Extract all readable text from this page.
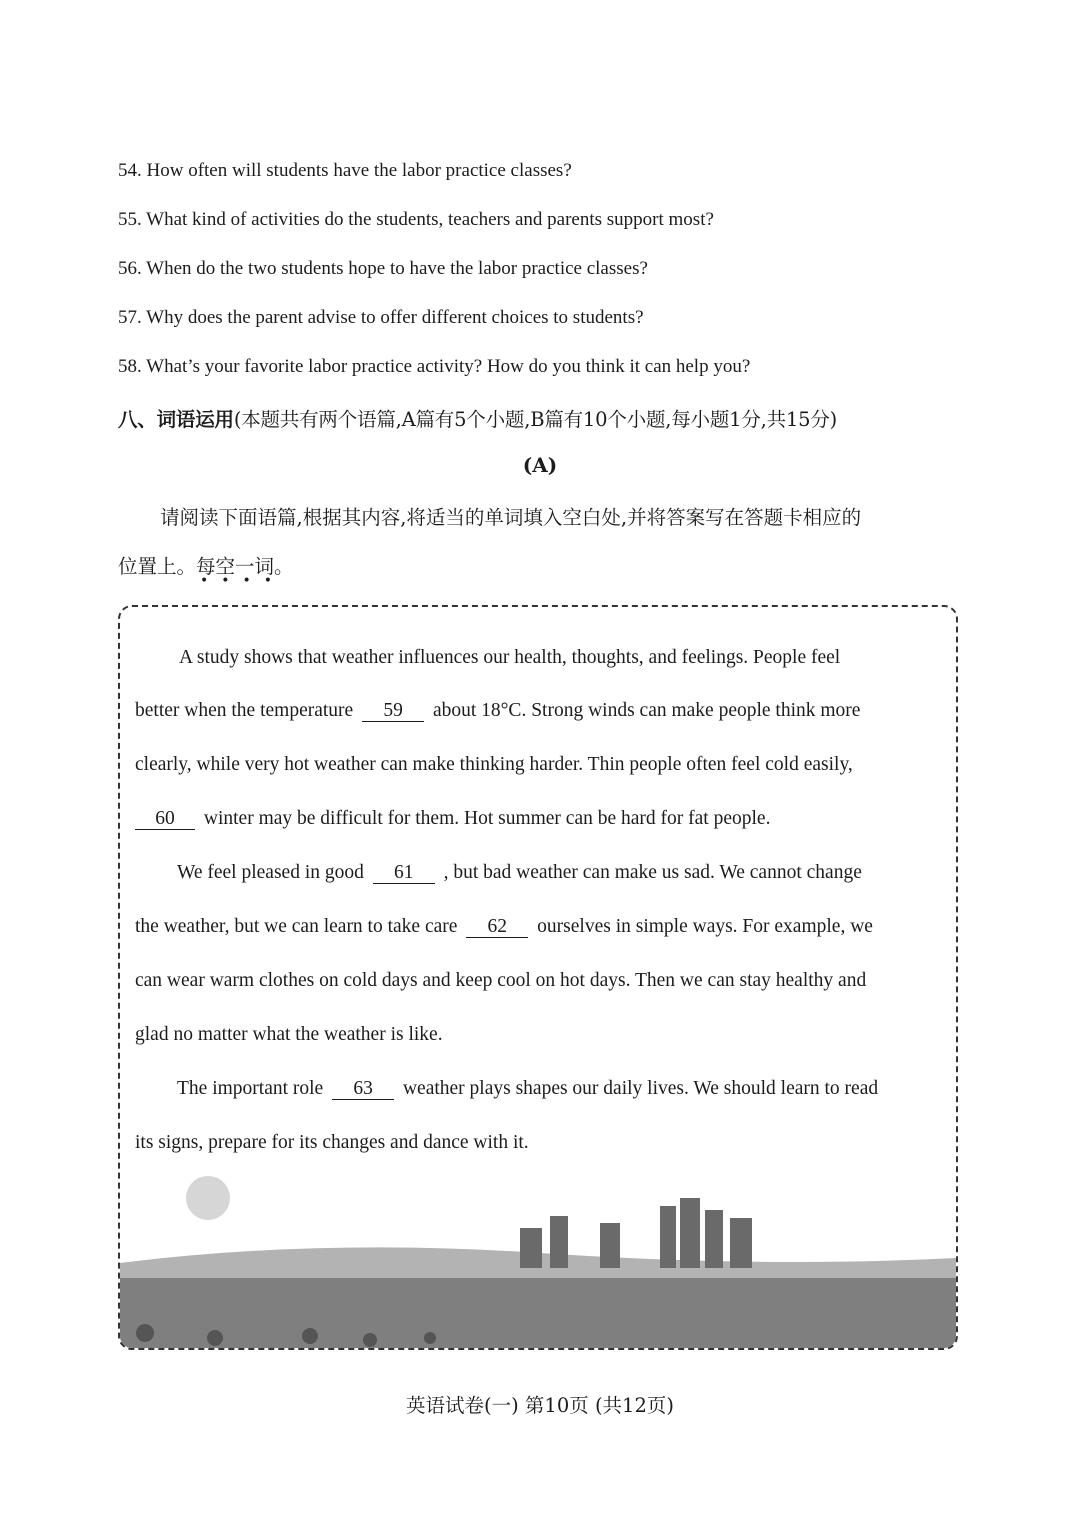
54. How often will students have the labor practice classes?
55. What kind of activities do the students, teachers and parents support most?
56. When do the two students hope to have the labor practice classes?
57. Why does the parent advise to offer different choices to students?
58. What’s your favorite labor practice activity? How do you think it can help you?
八、词语运用(本题共有两个语篇,A篇有5个小题,B篇有10个小题,每小题1分,共15分)
(A)
请阅读下面语篇,根据其内容,将适当的单词填入空白处,并将答案写在答题卡相应的
位置上。每空一词。
••••
A study shows that weather influences our health, thoughts, and feelings. People feel
better when the temperature 59 about 18°C. Strong winds can make people think more
clearly, while very hot weather can make thinking harder. Thin people often feel cold easily,
60 winter may be difficult for them. Hot summer can be hard for fat people.
We feel pleased in good 61 , but bad weather can make us sad. We cannot change
the weather, but we can learn to take care 62 ourselves in simple ways. For example, we
can wear warm clothes on cold days and keep cool on hot days. Then we can stay healthy and
glad no matter what the weather is like.
The important role 63 weather plays shapes our daily lives. We should learn to read
its signs, prepare for its changes and dance with it.
英语试卷(一) 第10页 (共12页)
